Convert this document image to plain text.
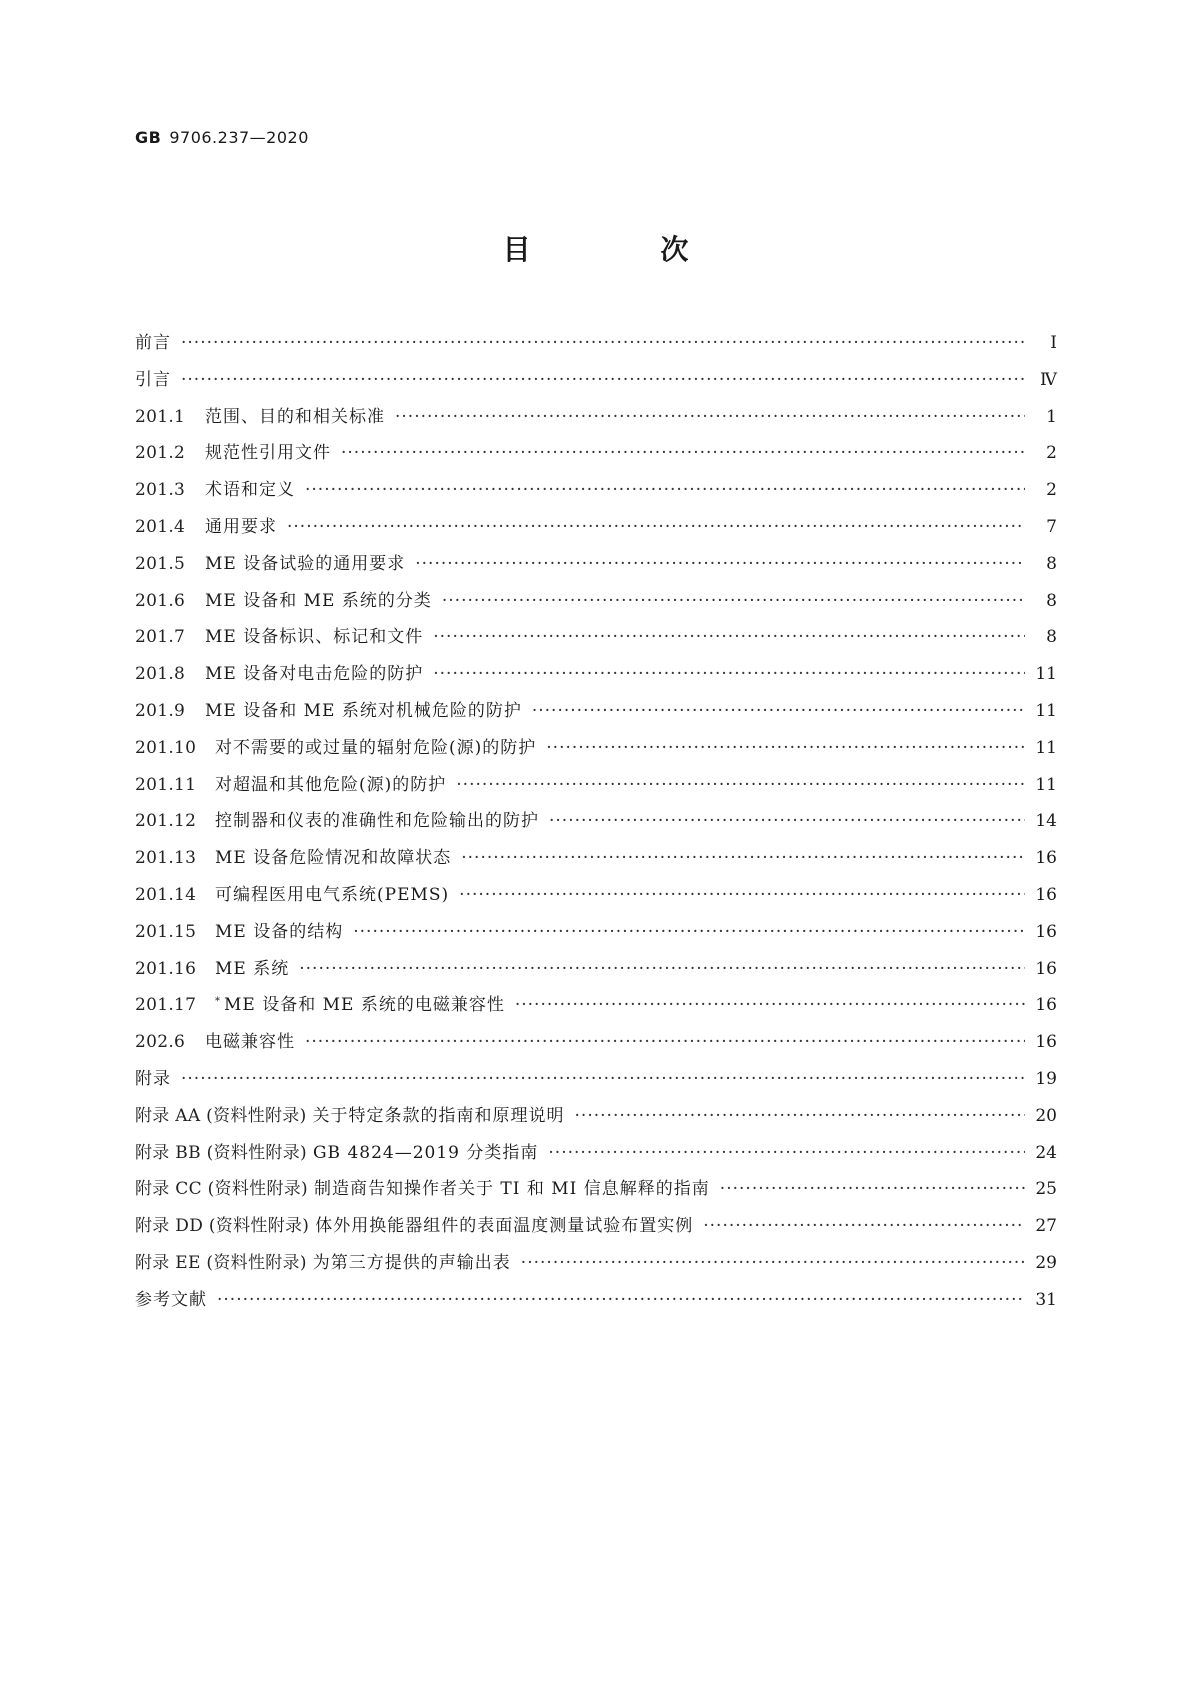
GB 9706.237—2020
目 次
前言 ·····	Ⅰ
引言 ·····	Ⅳ
201.1	范围、目的和相关标准 ·····	1
201.2	规范性引用文件 ·····	2
201.3	术语和定义 ·····	2
201.4	通用要求 ·····	7
201.5	ME 设备试验的通用要求 ·····	8
201.6	ME 设备和 ME 系统的分类 ·····	8
201.7	ME 设备标识、标记和文件 ·····	8
201.8	ME 设备对电击危险的防护 ·····	11
201.9	ME 设备和 ME 系统对机械危险的防护 ·····	11
201.10	对不需要的或过量的辐射危险(源)的防护 ·····	11
201.11	对超温和其他危险(源)的防护 ·····	11
201.12	控制器和仪表的准确性和危险输出的防护 ·····	14
201.13	ME 设备危险情况和故障状态 ·····	16
201.14	可编程医用电气系统(PEMS) ·····	16
201.15	ME 设备的结构 ·····	16
201.16	ME 系统 ·····	16
201.17	* ME 设备和 ME 系统的电磁兼容性 ·····	16
202.6	电磁兼容性 ·····	16
附录 ·····	19
附录 AA (资料性附录) 关于特定条款的指南和原理说明 ·····	20
附录 BB (资料性附录) GB 4824—2019 分类指南 ·····	24
附录 CC (资料性附录) 制造商告知操作者关于 TI 和 MI 信息解释的指南 ·····	25
附录 DD (资料性附录) 体外用换能器组件的表面温度测量试验布置实例 ·····	27
附录 EE (资料性附录) 为第三方提供的声输出表 ·····	29
参考文献 ·····	31
